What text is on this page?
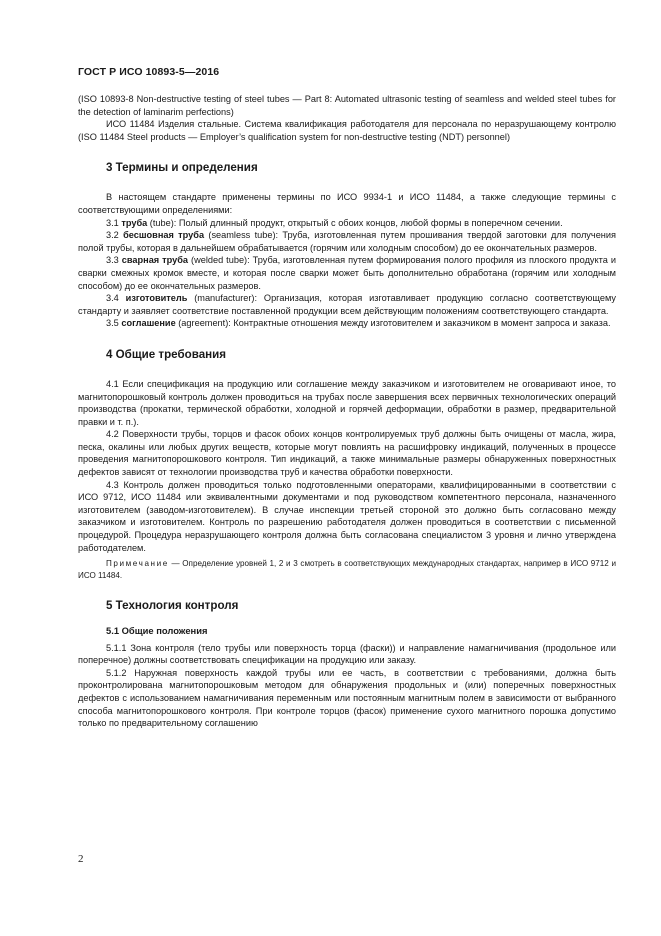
ГОСТ Р ИСО 10893-5—2016

(ISO 10893-8 Non-destructive testing of steel tubes — Part 8: Automated ultrasonic testing of seamless and welded steel tubes for the detection of laminarim perfections)

ИСО 11484 Изделия стальные. Система квалификация работодателя для персонала по неразрушающему контролю (ISO 11484 Steel products — Employer’s qualification system for non-destructive testing (NDT) personnel)

3 Термины и определения

В настоящем стандарте применены термины по ИСО 9934-1 и ИСО 11484, а также следующие термины с соответствующими определениями:

3.1 труба (tube): Полый длинный продукт, открытый с обоих концов, любой формы в поперечном сечении.

3.2 бесшовная труба (seamless tube): Труба, изготовленная путем прошивания твердой заготовки для получения полой трубы, которая в дальнейшем обрабатывается (горячим или холодным способом) до ее окончательных размеров.

3.3 сварная труба (welded tube): Труба, изготовленная путем формирования полого профиля из плоского продукта и сварки смежных кромок вместе, и которая после сварки может быть дополнительно обработана (горячим или холодным способом) до ее окончательных размеров.

3.4 изготовитель (manufacturer): Организация, которая изготавливает продукцию согласно соответствующему стандарту и заявляет соответствие поставленной продукции всем действующим положениям соответствующего стандарта.

3.5 соглашение (agreement): Контрактные отношения между изготовителем и заказчиком в момент запроса и заказа.

4 Общие требования

4.1 Если спецификация на продукцию или соглашение между заказчиком и изготовителем не оговаривают иное, то магнитопорошковый контроль должен проводиться на трубах после завершения всех первичных технологических операций производства (прокатки, термической обработки, холодной и горячей деформации, обработки в размер, предварительной правки и т. п.).

4.2 Поверхности трубы, торцов и фасок обоих концов контролируемых труб должны быть очищены от масла, жира, песка, окалины или любых других веществ, которые могут повлиять на расшифровку индикаций, полученных в процессе проведения магнитопорошкового контроля. Тип индикаций, а также минимальные размеры обнаруженных поверхностных дефектов зависят от технологии производства труб и качества обработки поверхности.

4.3 Контроль должен проводиться только подготовленными операторами, квалифицированными в соответствии с ИСО 9712, ИСО 11484 или эквивалентными документами и под руководством компетентного персонала, назначенного изготовителем (заводом-изготовителем). В случае инспекции третьей стороной это должно быть согласовано между заказчиком и изготовителем. Контроль по разрешению работодателя должен проводиться в соответствии с письменной процедурой. Процедура неразрушающего контроля должна быть согласована специалистом 3 уровня и лично утверждена работодателем.

Примечание — Определение уровней 1, 2 и 3 смотреть в соответствующих международных стандартах, например в ИСО 9712 и ИСО 11484.

5 Технология контроля

5.1 Общие положения

5.1.1 Зона контроля (тело трубы или поверхность торца (фаски)) и направление намагничивания (продольное или поперечное) должны соответствовать спецификации на продукцию или заказу.

5.1.2 Наружная поверхность каждой трубы или ее часть, в соответствии с требованиями, должна быть проконтролирована магнитопорошковым методом для обнаружения продольных и (или) поперечных поверхностных дефектов с использованием намагничивания переменным или постоянным магнитным полем в зависимости от выбранного способа магнитопорошкового контроля. При контроле торцов (фасок) применение сухого магнитного порошка допустимо только по предварительному соглашению

2
